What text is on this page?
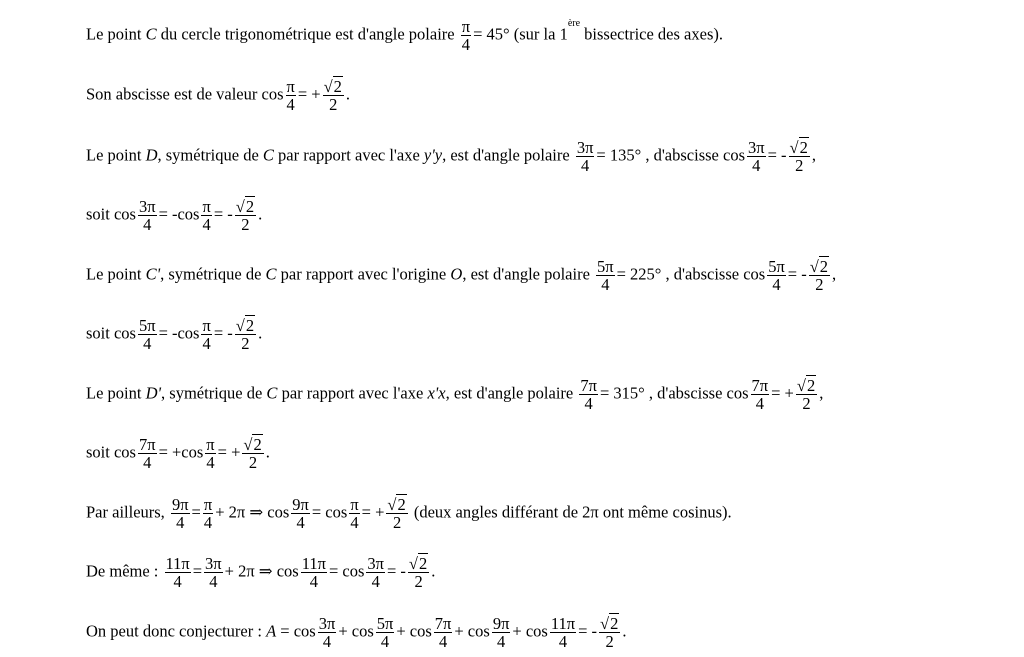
Le point C du cercle trigonométrique est d'angle polaire $\frac{\pi}{4} = 45^\circ$ (sur la 1ère bissectrice des axes).
Son abscisse est de valeur $\cos \frac{\pi}{4}$ = + $\frac{√2}{2}$ .
Le point D, symétrique de C par rapport avec l'axe y'y, est d'angle polaire $\frac{3\pi}{4} = 135^\circ$ , d'abscisse $\cos \frac{3\pi}{4}$ = - $\frac{√2}{2}$ ,
soit $\cos \frac{3\pi}{4} = -\cos \frac{\pi}{4}$ = - $\frac{√2}{2}$ .
Le point C', symétrique de C par rapport avec l'origine O, est d'angle polaire $\frac{5\pi}{4} = 225^\circ$ , d'abscisse $\cos \frac{5\pi}{4}$ = - $\frac{√2}{2}$ ,
soit $\cos \frac{5\pi}{4} = -\cos \frac{\pi}{4}$ = - $\frac{√2}{2}$ .
Le point D', symétrique de C par rapport avec l'axe x'x, est d'angle polaire $\frac{7\pi}{4} = 315^\circ$ , d'abscisse $\cos \frac{7\pi}{4}$ = + $\frac{√2}{2}$ ,
soit $\cos \frac{7\pi}{4} = +\cos \frac{\pi}{4}$ = + $\frac{√2}{2}$ .
Par ailleurs, $\frac{9\pi}{4} = \frac{\pi}{4} + 2\pi$ ⇒ $\cos \frac{9\pi}{4} = \cos \frac{\pi}{4}$ = + $\frac{√2}{2}$ (deux angles différant de 2π ont même cosinus).
De même : $\frac{11\pi}{4} = \frac{3\pi}{4} + 2\pi$ ⇒ $\cos \frac{11\pi}{4} = \cos \frac{3\pi}{4}$ = - $\frac{√2}{2}$ .
On peut donc conjecturer : $A = \cos \frac{3\pi}{4} + \cos \frac{5\pi}{4} + \cos \frac{7\pi}{4} + \cos \frac{9\pi}{4} + \cos \frac{11\pi}{4}$ = - $\frac{√2}{2}$ .
